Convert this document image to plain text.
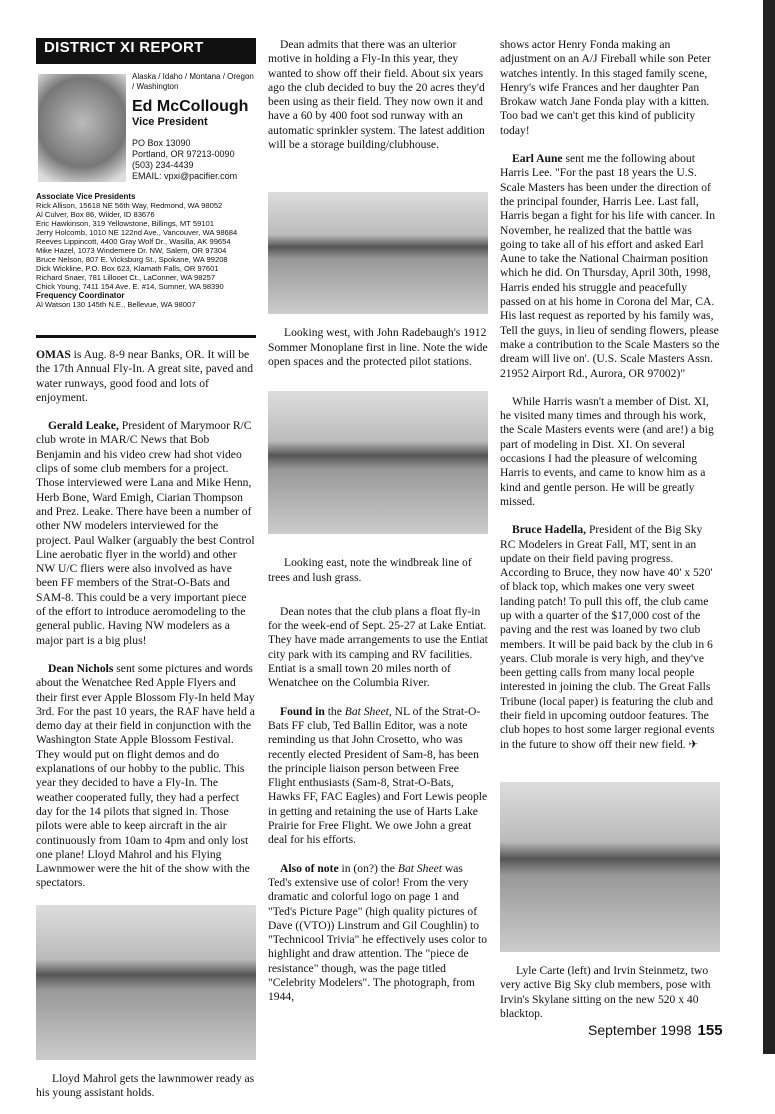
DISTRICT XI REPORT
Alaska / Idaho / Montana / Oregon / Washington
Ed McCollough
Vice President
PO Box 13090
Portland, OR 97213-0090
(503) 234-4439
EMAIL: vpxi@pacifier.com
Associate Vice Presidents
Rick Allison, 15618 NE 56th Way, Redmond, WA 98052
Al Culver, Box 86, Wilder, ID 83676
Eric Hawkinson, 319 Yellowstone, Billings, MT 59101
Jerry Holcomb, 1010 NE 122nd Ave., Vancouver, WA 98684
Reeves Lippincott, 4400 Gray Wolf Dr., Wasilla, AK 99654
Mike Hazel, 1073 Windemere Dr. NW, Salem, OR 97304
Bruce Nelson, 807 E. Vicksburg St., Spokane, WA 99208
Dick Wickline, P.O. Box 623, Klamath Falls, OR 97601
Richard Snaer, 781 Lillooet Ct., LaConner, WA 98257
Chick Young, 7411 154 Ave. E. #14, Sumner, WA 98390
Frequency Coordinator
Al Watson 130 145th N.E., Bellevue, WA 98007

OMAS is Aug. 8-9 near Banks, OR. It will be the 17th Annual Fly-In. A great site, paved and water runways, good food and lots of enjoyment.

Gerald Leake, President of Marymoor R/C club wrote in MAR/C News that Bob Benjamin and his video crew had shot video clips of some club members for a project. Those interviewed were Lana and Mike Henn, Herb Bone, Ward Emigh, Ciarian Thompson and Prez. Leake. There have been a number of other NW modelers interviewed for the project. Paul Walker (arguably the best Control Line aerobatic flyer in the world) and other NW U/C fliers were also involved as have been FF members of the Strat-O-Bats and SAM-8. This could be a very important piece of the effort to introduce aeromodeling to the general public. Having NW modelers as a major part is a big plus!

Dean Nichols sent some pictures and words about the Wenatchee Red Apple Flyers and their first ever Apple Blossom Fly-In held May 3rd. For the past 10 years, the RAF have held a demo day at their field in conjunction with the Washington State Apple Blossom Festival. They would put on flight demos and do explanations of our hobby to the public. This year they decided to have a Fly-In. The weather cooperated fully, they had a perfect day for the 14 pilots that signed in. Those pilots were able to keep aircraft in the air continuously from 10am to 4pm and only lost one plane! Lloyd Mahrol and his Flying Lawnmower were the hit of the show with the spectators.

Lloyd Mahrol gets the lawnmower ready as his young assistant holds.

Dean admits that there was an ulterior motive in holding a Fly-In this year, they wanted to show off their field. About six years ago the club decided to buy the 20 acres they'd been using as their field. They now own it and have a 60 by 400 foot sod runway with an automatic sprinkler system. The latest addition will be a storage building/clubhouse.

Looking west, with John Radebaugh's 1912 Sommer Monoplane first in line. Note the wide open spaces and the protected pilot stations.

Looking east, note the windbreak line of trees and lush grass.

Dean notes that the club plans a float fly-in for the week-end of Sept. 25-27 at Lake Entiat. They have made arrangements to use the Entiat city park with its camping and RV facilities. Entiat is a small town 20 miles north of Wenatchee on the Columbia River.

Found in the Bat Sheet, NL of the Strat-O-Bats FF club, Ted Ballin Editor, was a note reminding us that John Crosetto, who was recently elected President of Sam-8, has been the principle liaison person between Free Flight enthusiasts (Sam-8, Strat-O-Bats, Hawks FF, FAC Eagles) and Fort Lewis people in getting and retaining the use of Harts Lake Prairie for Free Flight. We owe John a great deal for his efforts.

Also of note in (on?) the Bat Sheet was Ted's extensive use of color! From the very dramatic and colorful logo on page 1 and "Ted's Picture Page" (high quality pictures of Dave ((VTO)) Linstrum and Gil Coughlin) to "Technicool Trivia" he effectively uses color to highlight and draw attention. The "piece de resistance" though, was the page titled "Celebrity Modelers". The photograph, from 1944,

shows actor Henry Fonda making an adjustment on an A/J Fireball while son Peter watches intently. In this staged family scene, Henry's wife Frances and her daughter Pan Brokaw watch Jane Fonda play with a kitten. Too bad we can't get this kind of publicity today!

Earl Aune sent me the following about Harris Lee. "For the past 18 years the U.S. Scale Masters has been under the direction of the principal founder, Harris Lee. Last fall, Harris began a fight for his life with cancer. In November, he realized that the battle was going to take all of his effort and asked Earl Aune to take the National Chairman position which he did. On Thursday, April 30th, 1998, Harris ended his struggle and peacefully passed on at his home in Corona del Mar, CA. His last request as reported by his family was, Tell the guys, in lieu of sending flowers, please make a contribution to the Scale Masters so the dream will live on'. (U.S. Scale Masters Assn. 21952 Airport Rd., Aurora, OR 97002)"

While Harris wasn't a member of Dist. XI, he visited many times and through his work, the Scale Masters events were (and are!) a big part of modeling in Dist. XI. On several occasions I had the pleasure of welcoming Harris to events, and came to know him as a kind and gentle person. He will be greatly missed.

Bruce Hadella, President of the Big Sky RC Modelers in Great Fall, MT, sent in an update on their field paving progress. According to Bruce, they now have 40' x 520' of black top, which makes one very sweet landing patch! To pull this off, the club came up with a quarter of the $17,000 cost of the paving and the rest was loaned by two club members. It will be paid back by the club in 6 years. Club morale is very high, and they've been getting calls from many local people interested in joining the club. The Great Falls Tribune (local paper) is featuring the club and their field in upcoming outdoor features. The club hopes to host some larger regional events in the future to show off their new field. ✈

Lyle Carte (left) and Irvin Steinmetz, two very active Big Sky club members, pose with Irvin's Skylane sitting on the new 520 x 40 blacktop.

September 1998 155
